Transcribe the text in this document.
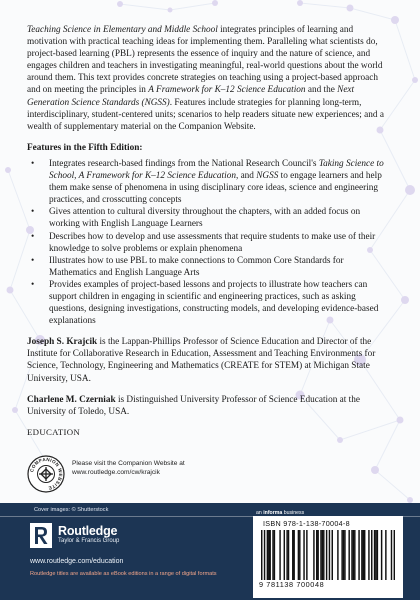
Teaching Science in Elementary and Middle School integrates principles of learning and motivation with practical teaching ideas for implementing them. Paralleling what scientists do, project-based learning (PBL) represents the essence of inquiry and the nature of science, and engages children and teachers in investigating meaningful, real-world questions about the world around them. This text provides concrete strategies on teaching using a project-based approach and on meeting the principles in A Framework for K–12 Science Education and the Next Generation Science Standards (NGSS). Features include strategies for planning long-term, interdisciplinary, student-centered units; scenarios to help readers situate new experiences; and a wealth of supplementary material on the Companion Website.

Features in the Fifth Edition:

• Integrates research-based findings from the National Research Council's Taking Science to School, A Framework for K–12 Science Education, and NGSS to engage learners and help them make sense of phenomena in using disciplinary core ideas, science and engineering practices, and crosscutting concepts
• Gives attention to cultural diversity throughout the chapters, with an added focus on working with English Language Learners
• Describes how to develop and use assessments that require students to make use of their knowledge to solve problems or explain phenomena
• Illustrates how to use PBL to make connections to Common Core Standards for Mathematics and English Language Arts
• Provides examples of project-based lessons and projects to illustrate how teachers can support children in engaging in scientific and engineering practices, such as asking questions, designing investigations, constructing models, and developing evidence-based explanations

Joseph S. Krajcik is the Lappan-Phillips Professor of Science Education and Director of the Institute for Collaborative Research in Education, Assessment and Teaching Environments for Science, Technology, Engineering and Mathematics (CREATE for STEM) at Michigan State University, USA.

Charlene M. Czerniak is Distinguished University Professor of Science Education at the University of Toledo, USA.

EDUCATION

COMPANION WEBSITE
Please visit the Companion Website at
www.routledge.com/cw/krajcik
Cover images: © Shutterstock
Routledge
Taylor & Francis Group
www.routledge.com/education
Routledge titles are available as eBook editions in a range of digital formats
an informa business
ISBN 978-1-138-70004-8
9 781138 700048
